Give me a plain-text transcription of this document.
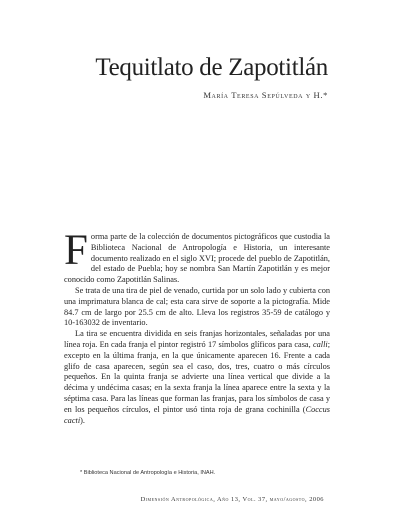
Tequitlato de Zapotitlán
María Teresa Sepúlveda y H.*

Forma parte de la colección de documentos pictográficos que custodia la Biblioteca Nacional de Antropología e Historia, un interesante documento realizado en el siglo XVI; procede del pueblo de Zapotitlán, del estado de Puebla; hoy se nombra San Martín Zapotitlán y es mejor conocido como Zapotitlán Salinas.

Se trata de una tira de piel de venado, curtida por un solo lado y cubierta con una imprimatura blanca de cal; esta cara sirve de soporte a la pictografía. Mide 84.7 cm de largo por 25.5 cm de alto. Lleva los registros 35-59 de catálogo y 10-163032 de inventario.

La tira se encuentra dividida en seis franjas horizontales, señaladas por una línea roja. En cada franja el pintor registró 17 símbolos glíficos para casa, calli; excepto en la última franja, en la que únicamente aparecen 16. Frente a cada glifo de casa aparecen, según sea el caso, dos, tres, cuatro o más círculos pequeños. En la quinta franja se advierte una línea vertical que divide a la décima y undécima casas; en la sexta franja la línea aparece entre la sexta y la séptima casa. Para las líneas que forman las franjas, para los símbolos de casa y en los pequeños círculos, el pintor usó tinta roja de grana cochinilla (Coccus cacti).

* Biblioteca Nacional de Antropología e Historia, INAH.
Dimensión Antropológica, Año 13, Vol. 37, mayo/agosto, 2006
